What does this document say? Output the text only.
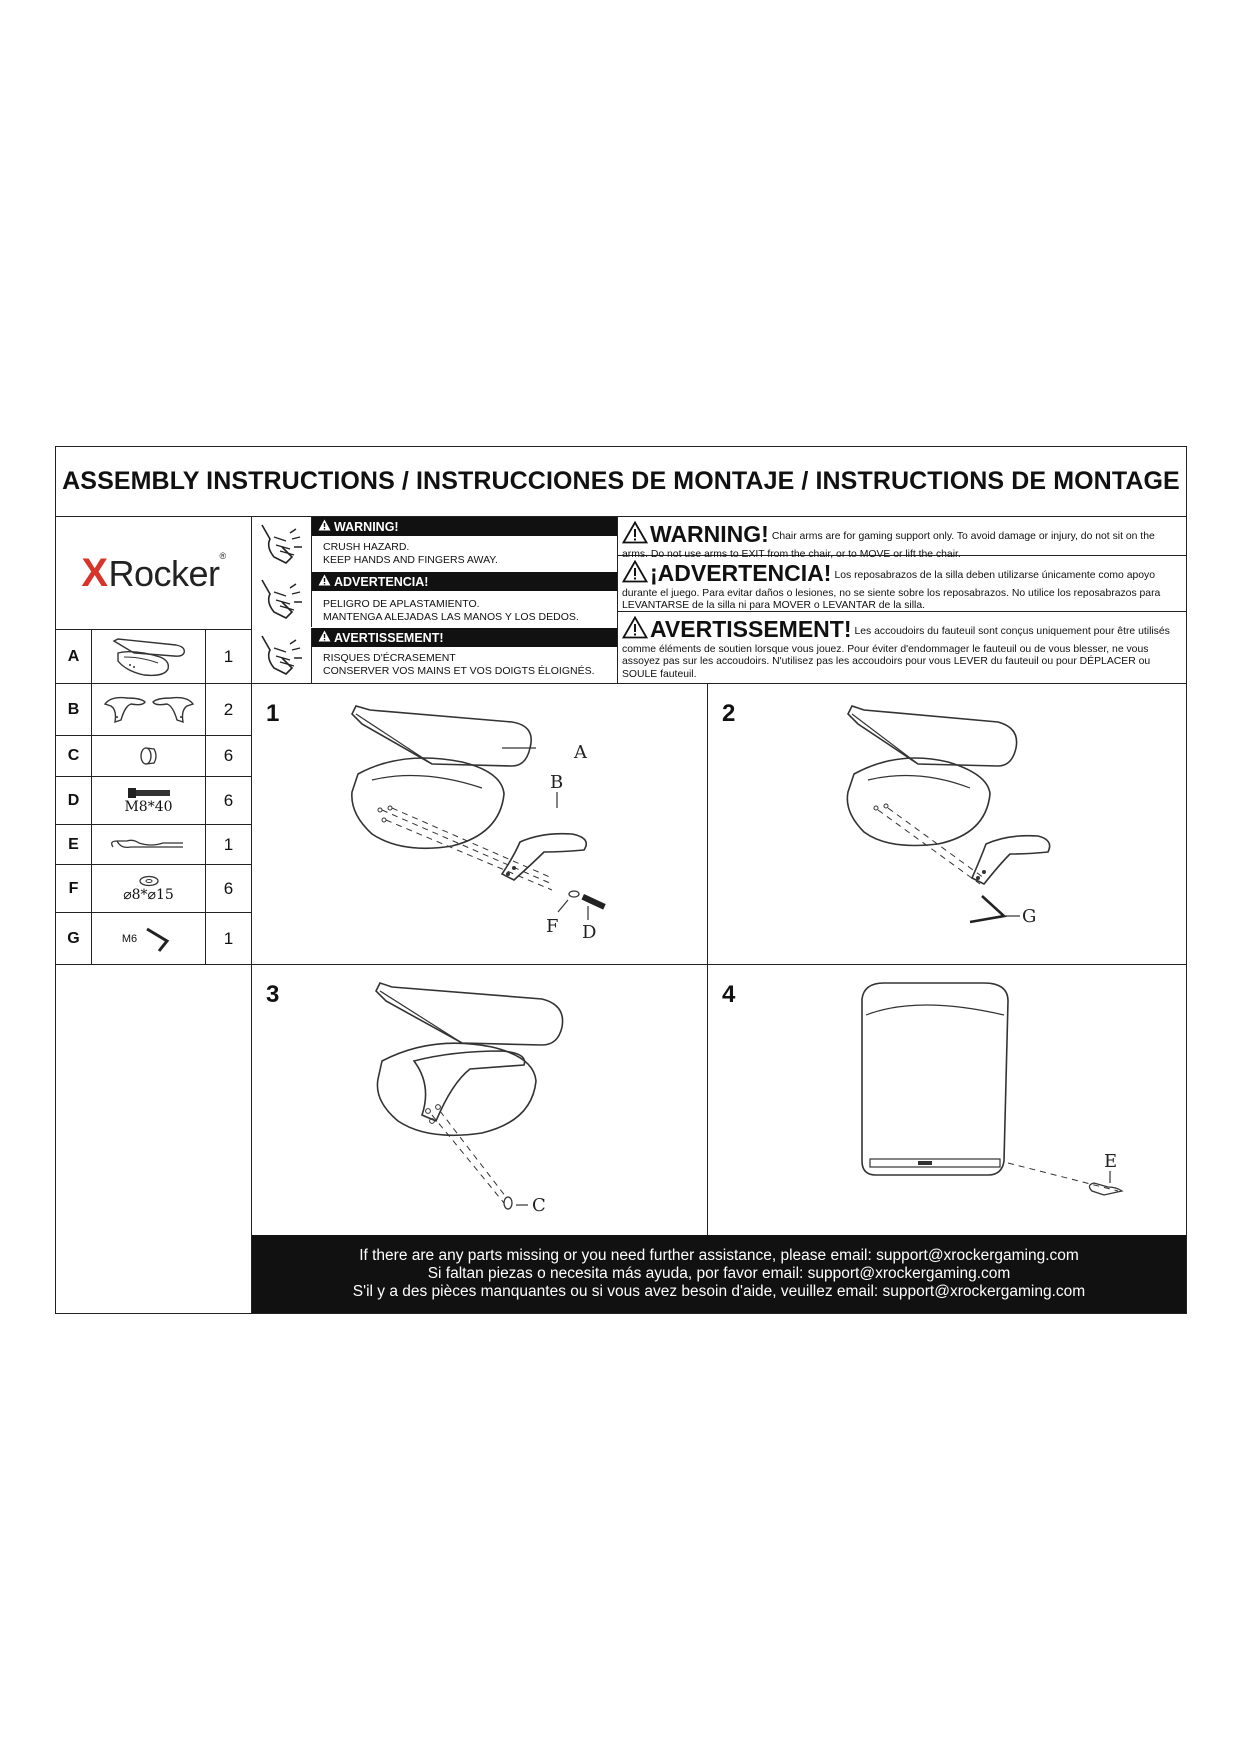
ASSEMBLY INSTRUCTIONS / INSTRUCCIONES DE MONTAJE / INSTRUCTIONS DE MONTAGE
XRocker®
A	1
B	2
C	6
D	M8*40	6
E	1
F	⌀8*⌀15	6
G	M6	1
WARNING!
CRUSH HAZARD.
KEEP HANDS AND FINGERS AWAY.
ADVERTENCIA!
PELIGRO DE APLASTAMIENTO.
MANTENGA ALEJADAS LAS MANOS Y LOS DEDOS.
AVERTISSEMENT!
RISQUES D'ÉCRASEMENT
CONSERVER VOS MAINS ET VOS DOIGTS ÉLOIGNÉS.
WARNING! Chair arms are for gaming support only. To avoid damage or injury, do not sit on the arms. Do not use arms to EXIT from the chair, or to MOVE or lift the chair.
¡ADVERTENCIA! Los reposabrazos de la silla deben utilizarse únicamente como apoyo durante el juego. Para evitar daños o lesiones, no se siente sobre los reposabrazos. No utilice los reposabrazos para LEVANTARSE de la silla ni para MOVER o LEVANTAR de la silla.
AVERTISSEMENT! Les accoudoirs du fauteuil sont conçus uniquement pour être utilisés comme éléments de soutien lorsque vous jouez. Pour éviter d'endommager le fauteuil ou de vous blesser, ne vous assoyez pas sur les accoudoirs. N'utilisez pas les accoudoirs pour vous LEVER du fauteuil ou pour DÉPLACER ou SOULE fauteuil.
A
B
F D
1
G
2
C
3
E
4
If there are any parts missing or you need further assistance, please email: support@xrockergaming.com
Si faltan piezas o necesita más ayuda, por favor email: support@xrockergaming.com
S'il y a des pièces manquantes ou si vous avez besoin d'aide, veuillez email: support@xrockergaming.com
